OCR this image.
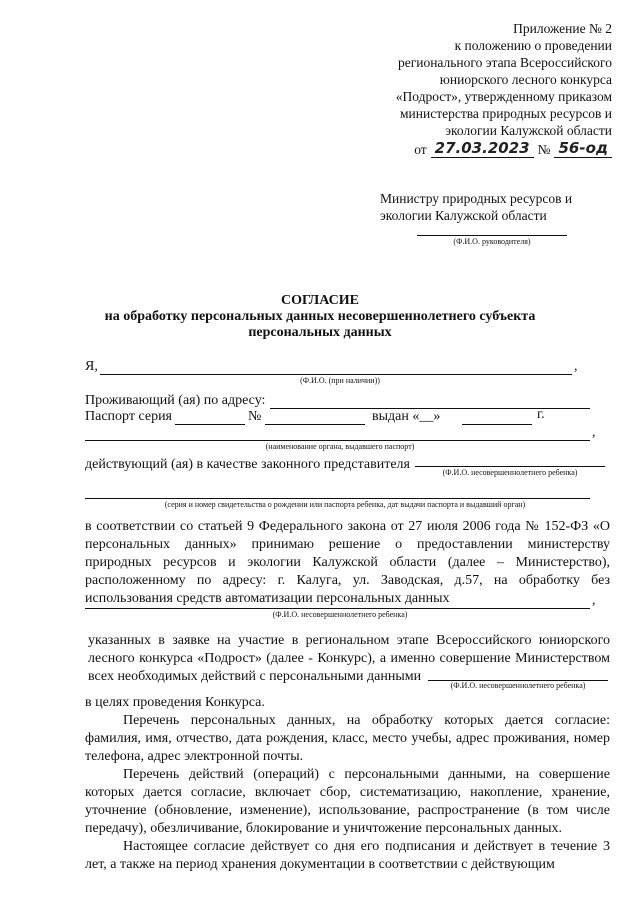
Приложение № 2
к положению о проведении
регионального этапа Всероссийского
юниорского лесного конкурса
«Подрост», утвержденному приказом
министерства природных ресурсов и
экологии Калужской области
от 27.03.2023 № 56-од
Министру природных ресурсов и
экологии Калужской области
(Ф.И.О. руководителя)
СОГЛАСИЕ
на обработку персональных данных несовершеннолетнего субъекта
персональных данных
Я,	,
(Ф.И.О. (при наличии))
Проживающий (ая) по адресу:
Паспорт серия	№	выдан «__»	г.
,
(наименование органа, выдавшего паспорт)
действующий (ая) в качестве законного представителя
(Ф.И.О. несовершеннолетнего ребенка)
(серия и номер свидетельства о рождении или паспорта ребенка, дат выдачи паспорта и выдавший орган)
в соответствии со статьей 9 Федерального закона от 27 июля 2006 года № 152-ФЗ «О персональных данных» принимаю решение о предоставлении министерству природных ресурсов и экологии Калужской области (далее – Министерство), расположенному по адресу: г. Калуга, ул. Заводская, д.57, на обработку без использования средств автоматизации персональных данных	,
(Ф.И.О. несовершеннолетнего ребенка)
указанных в заявке на участие в региональном этапе Всероссийского юниорского лесного конкурса «Подрост» (далее - Конкурс), а именно совершение Министерством всех необходимых действий с персональными данными
(Ф.И.О. несовершеннолетнего ребенка)
в целях проведения Конкурса.
Перечень персональных данных, на обработку которых дается согласие: фамилия, имя, отчество, дата рождения, класс, место учебы, адрес проживания, номер телефона, адрес электронной почты.
Перечень действий (операций) с персональными данными, на совершение которых дается согласие, включает сбор, систематизацию, накопление, хранение, уточнение (обновление, изменение), использование, распространение (в том числе передачу), обезличивание, блокирование и уничтожение персональных данных.
Настоящее согласие действует со дня его подписания и действует в течение 3 лет, а также на период хранения документации в соответствии с действующим
